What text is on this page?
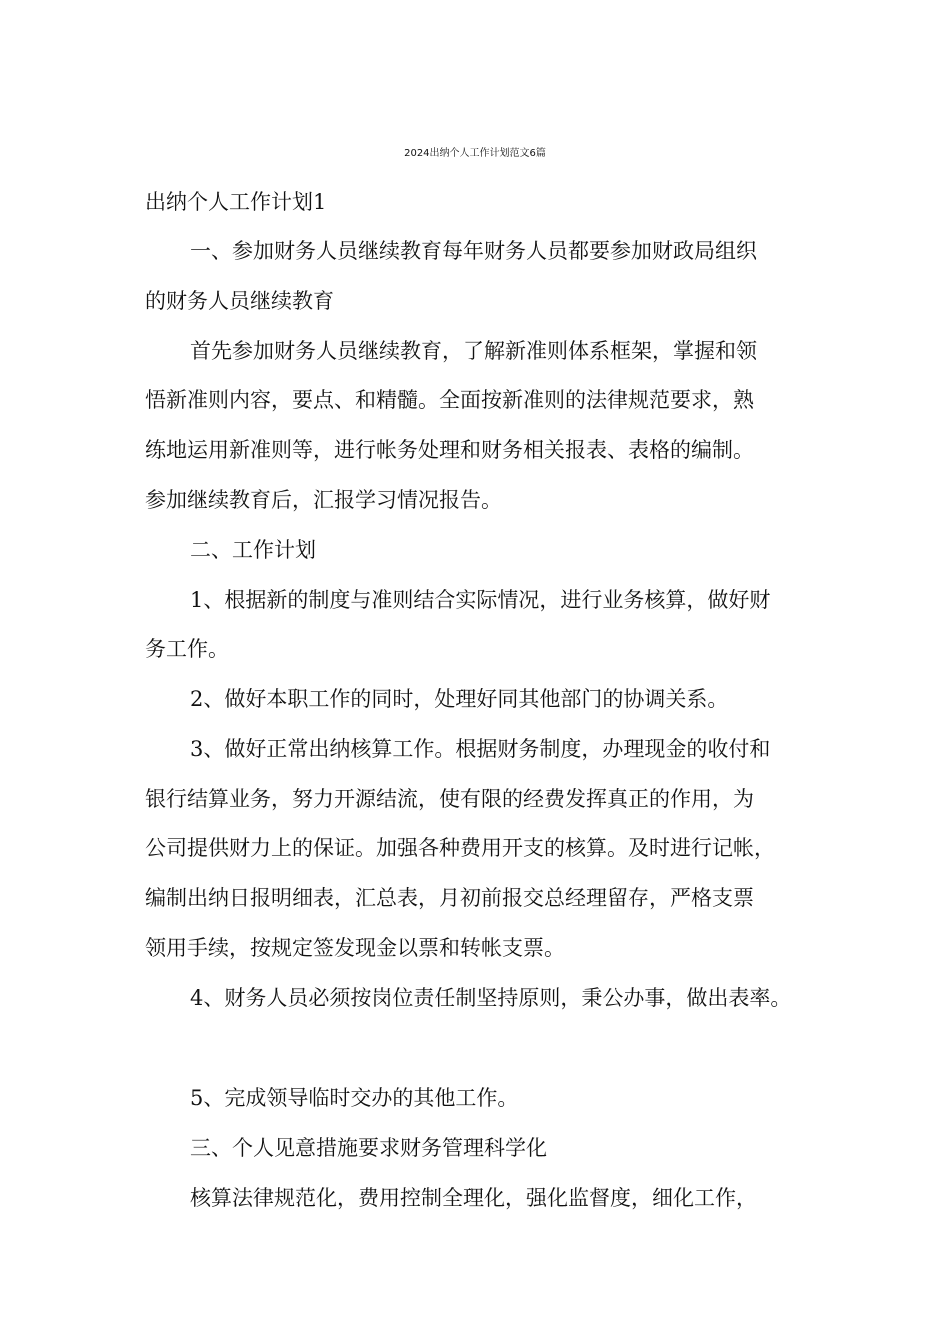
2024出纳个人工作计划范文6篇
出纳个人工作计划1
一、参加财务人员继续教育每年财务人员都要参加财政局组织
的财务人员继续教育
首先参加财务人员继续教育，了解新准则体系框架，掌握和领
悟新准则内容，要点、和精髓。全面按新准则的法律规范要求，熟
练地运用新准则等，进行帐务处理和财务相关报表、表格的编制。
参加继续教育后，汇报学习情况报告。
二、工作计划
1、根据新的制度与准则结合实际情况，进行业务核算，做好财
务工作。
2、做好本职工作的同时，处理好同其他部门的协调关系。
3、做好正常出纳核算工作。根据财务制度，办理现金的收付和
银行结算业务，努力开源结流，使有限的经费发挥真正的作用，为
公司提供财力上的保证。加强各种费用开支的核算。及时进行记帐，
编制出纳日报明细表，汇总表，月初前报交总经理留存，严格支票
领用手续，按规定签发现金以票和转帐支票。
4、财务人员必须按岗位责任制坚持原则，秉公办事，做出表率。
5、完成领导临时交办的其他工作。
三、个人见意措施要求财务管理科学化
核算法律规范化，费用控制全理化，强化监督度，细化工作，
